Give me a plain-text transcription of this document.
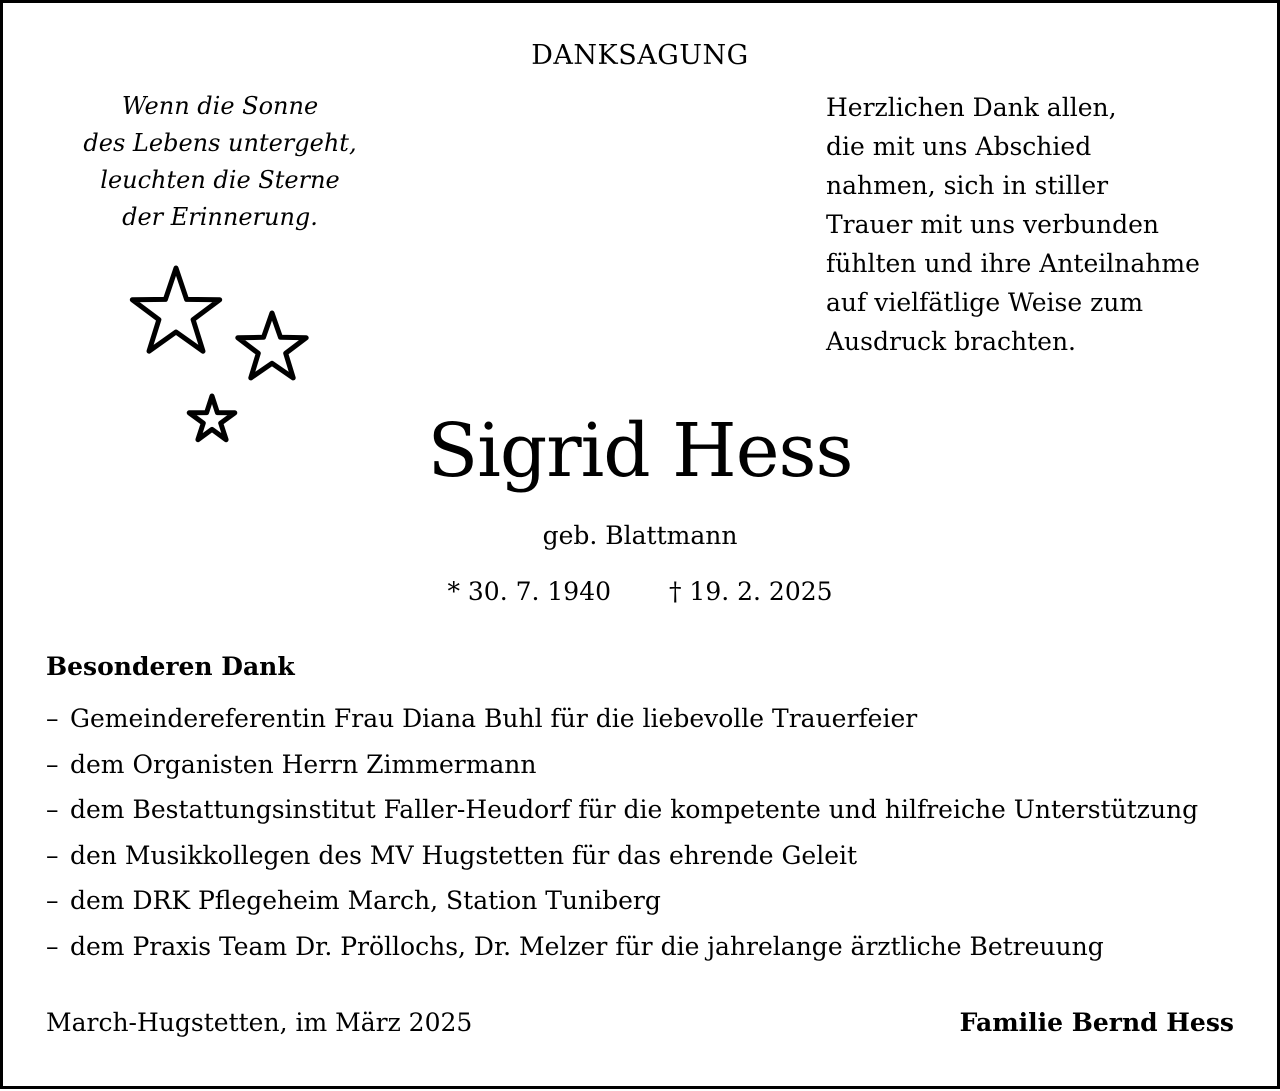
DANKSAGUNG
Wenn die Sonne
des Lebens untergeht,
leuchten die Sterne
der Erinnerung.
Herzlichen Dank allen,
die mit uns Abschied
nahmen, sich in stiller
Trauer mit uns verbunden
fühlten und ihre Anteilnahme
auf vielfätlige Weise zum
Ausdruck brachten.
Sigrid Hess
geb. Blattmann
* 30. 7. 1940 † 19. 2. 2025
Besonderen Dank
– Gemeindereferentin Frau Diana Buhl für die liebevolle Trauerfeier
– dem Organisten Herrn Zimmermann
– dem Bestattungsinstitut Faller-Heudorf für die kompetente und hilfreiche Unterstützung
– den Musikkollegen des MV Hugstetten für das ehrende Geleit
– dem DRK Pflegeheim March, Station Tuniberg
– dem Praxis Team Dr. Pröllochs, Dr. Melzer für die jahrelange ärztliche Betreuung
March-Hugstetten, im März 2025	Familie Bernd Hess
